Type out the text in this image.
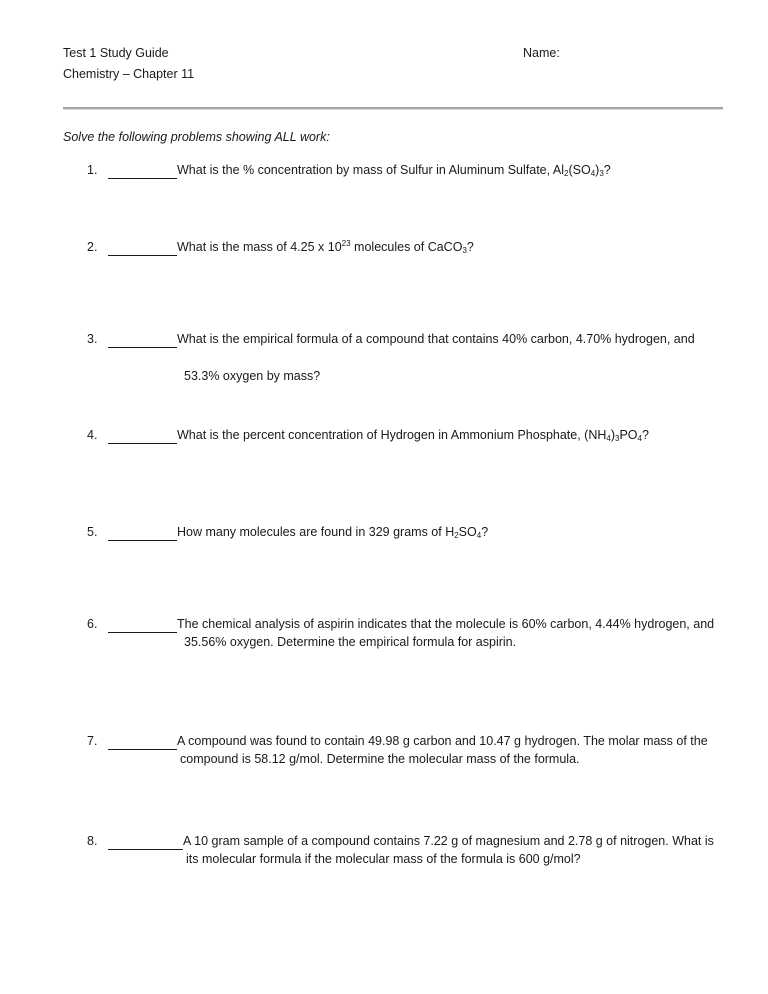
Test 1 Study Guide
Chemistry – Chapter 11
Name:
Solve the following problems showing ALL work:
1.	What is the % concentration by mass of Sulfur in Aluminum Sulfate, $Al_2(SO_4)_3$?
2.	What is the mass of 4.25 x $10^{23}$ molecules of CaCO$_3$?
3.	What is the empirical formula of a compound that contains 40% carbon, 4.70% hydrogen, and
53.3% oxygen by mass?
4.	What is the percent concentration of Hydrogen in Ammonium Phosphate, $(NH_4)_3PO_4$?
5.	How many molecules are found in 329 grams of $H_2SO_4$?
6.	The chemical analysis of aspirin indicates that the molecule is 60% carbon, 4.44% hydrogen, and
35.56% oxygen. Determine the empirical formula for aspirin.
7.	A compound was found to contain 49.98 g carbon and 10.47 g hydrogen. The molar mass of the
compound is 58.12 g/mol. Determine the molecular mass of the formula.
8.	A 10 gram sample of a compound contains 7.22 g of magnesium and 2.78 g of nitrogen. What is
its molecular formula if the molecular mass of the formula is 600 g/mol?
